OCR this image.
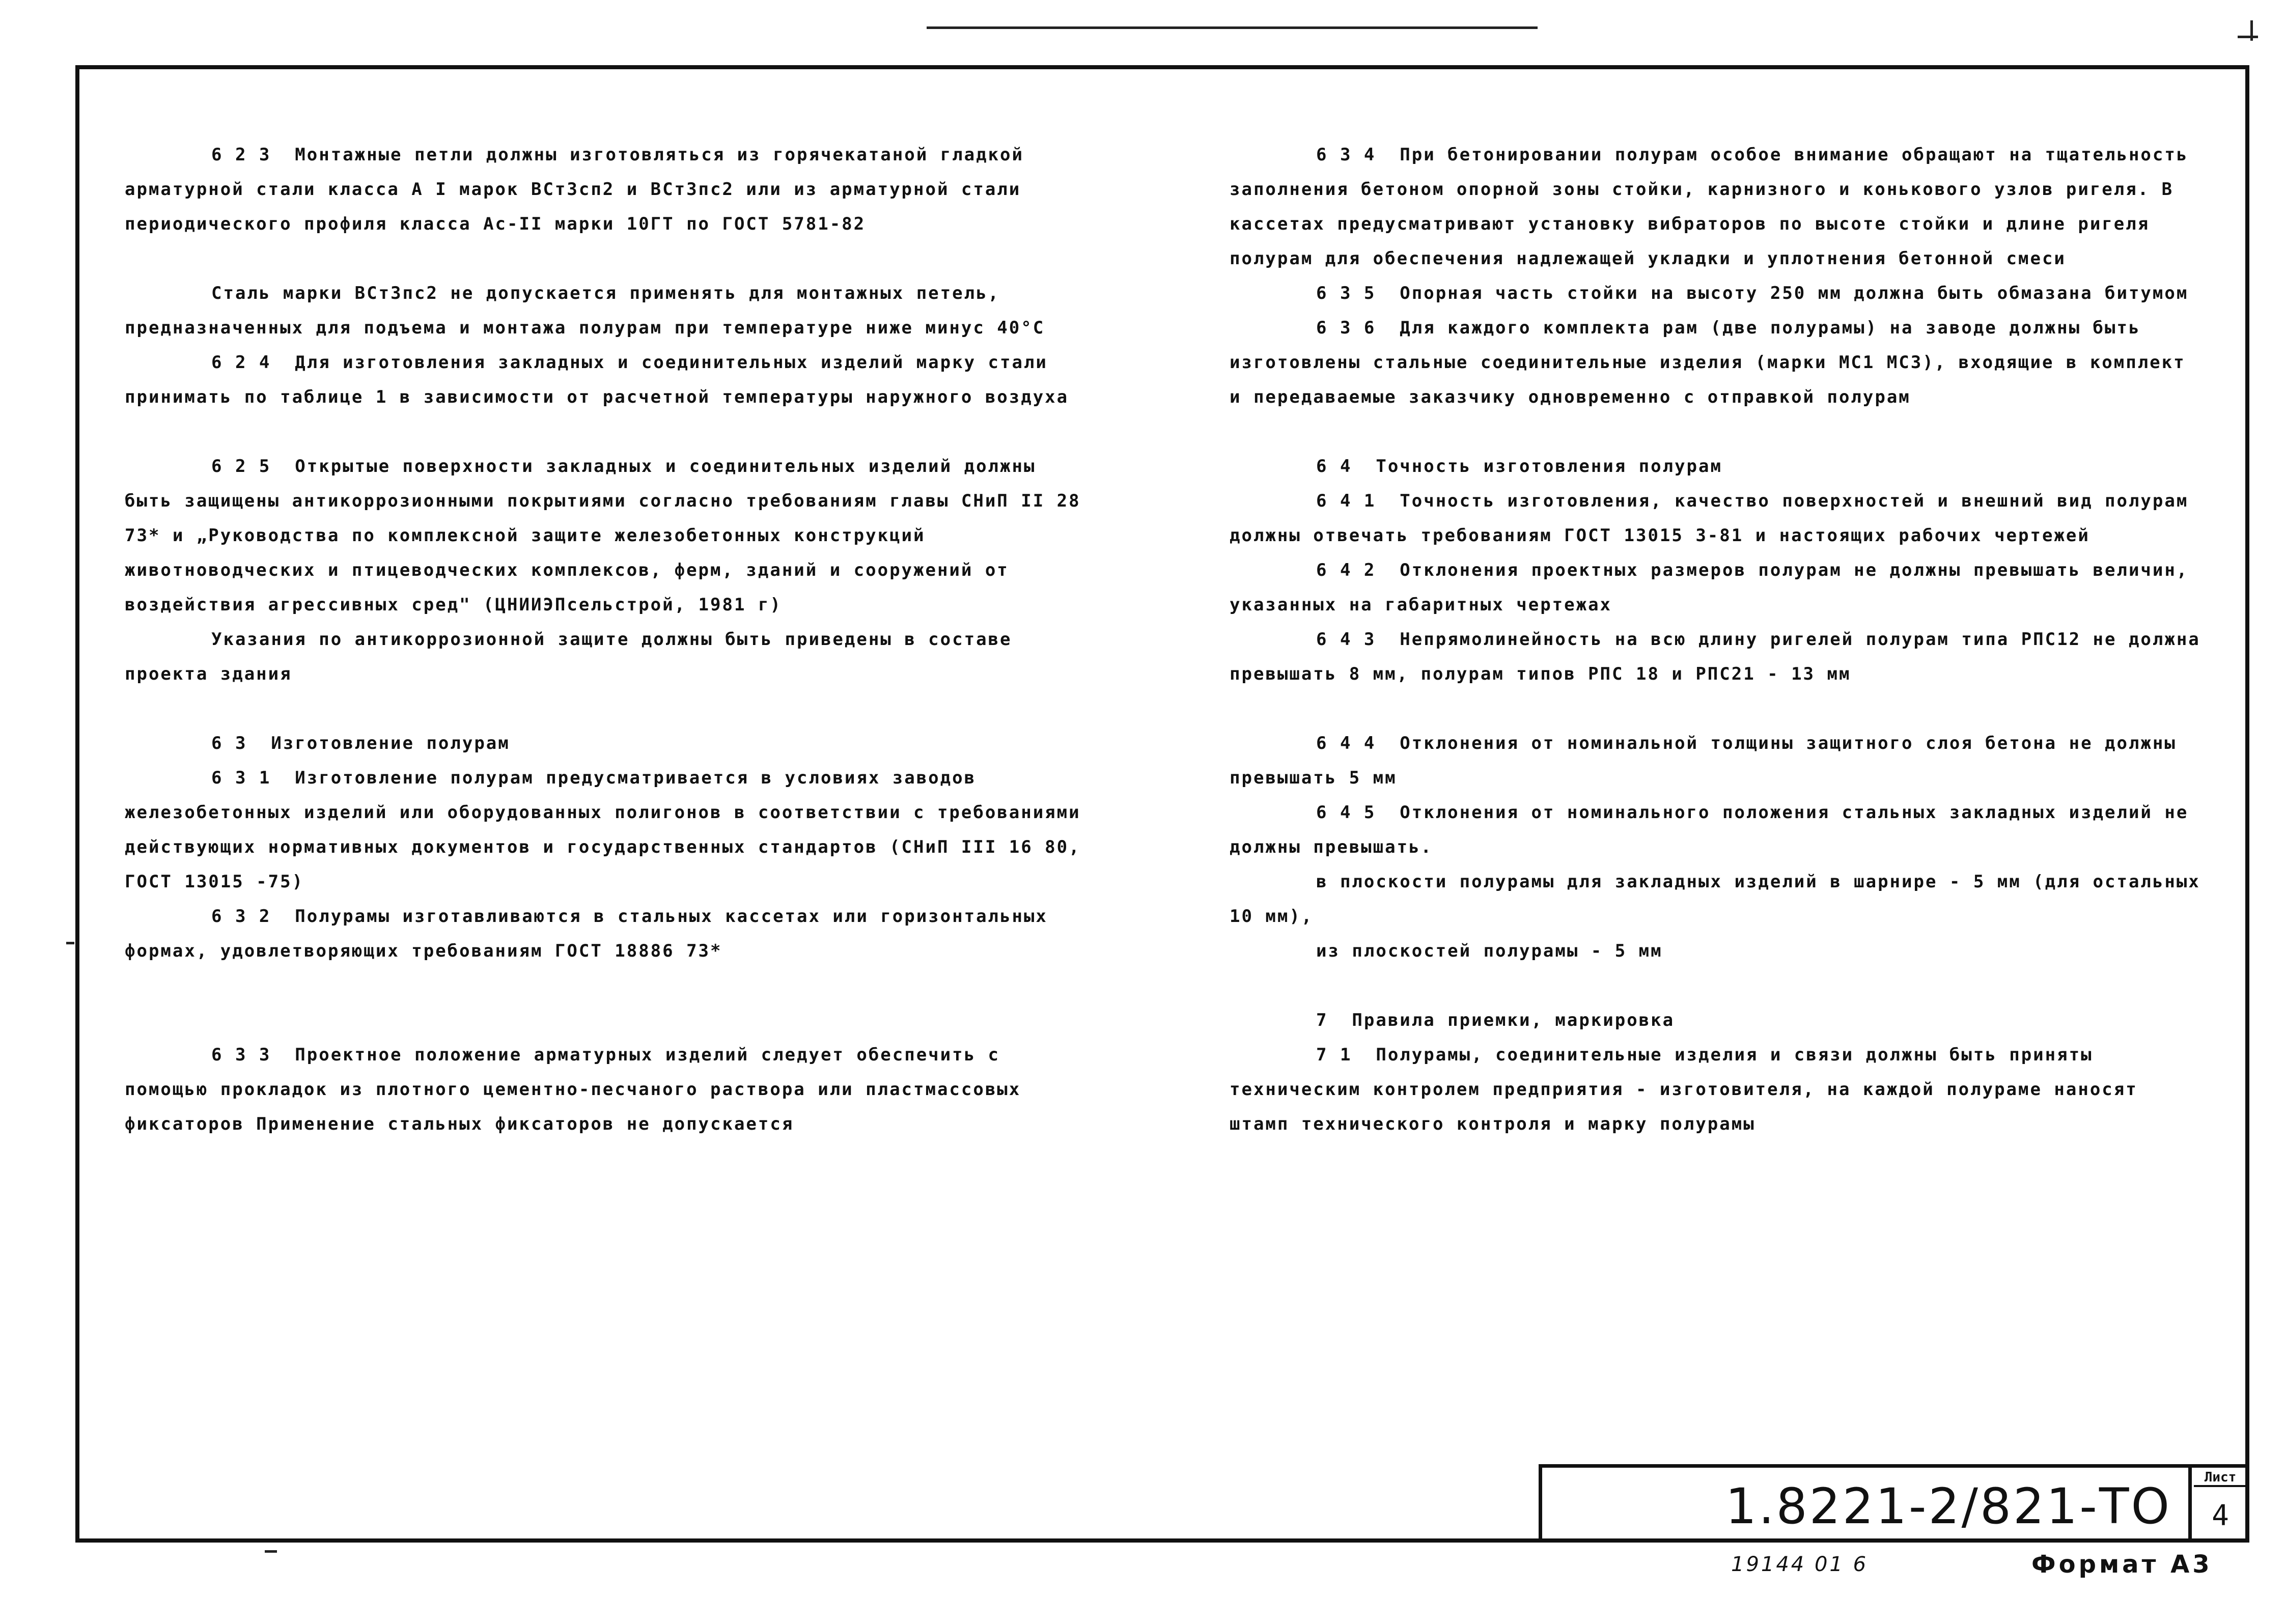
6 2 3  Монтажные петли должны изготовляться из горячекатаной гладкой арматурной стали класса А I марок ВСт3сп2 и ВСт3пс2 или из арматурной стали периодического профиля класса Ас-II марки 10ГТ по ГОСТ 5781-82

Сталь марки ВСт3пс2 не допускается применять для монтажных петель, предназначенных для подъема и монтажа полурам при температуре ниже минус 40°С

6 2 4  Для изготовления закладных и соединительных изделий марку стали принимать по таблице 1 в зависимости от расчетной температуры наружного воздуха

6 2 5  Открытые поверхности закладных и соединительных изделий должны быть защищены антикоррозионными покрытиями согласно требованиям главы СНиП II 28 73* и „Руководства по комплексной защите железобетонных конструкций животноводческих и птицеводческих комплексов, ферм, зданий и сооружений от воздействия агрессивных сред" (ЦНИИЭПсельстрой, 1981 г)

Указания по антикоррозионной защите должны быть приведены в составе проекта здания

6 3  Изготовление полурам

6 3 1  Изготовление полурам предусматривается в условиях заводов железобетонных изделий или оборудованных полигонов в соответствии с требованиями действующих нормативных документов и государственных стандартов (СНиП III 16 80, ГОСТ 13015 -75)

6 3 2  Полурамы изготавливаются в стальных кассетах или горизонтальных формах, удовлетворяющих требованиям ГОСТ 18886 73*

6 3 3  Проектное положение арматурных изделий следует обеспечить с помощью прокладок из плотного цементно-песчаного раствора или пластмассовых фиксаторов Применение стальных фиксаторов не допускается

6 3 4  При бетонировании полурам особое внимание обращают на тщательность заполнения бетоном опорной зоны стойки, карнизного и конькового узлов ригеля. В кассетах предусматривают установку вибраторов по высоте стойки и длине ригеля полурам для обеспечения надлежащей укладки и уплотнения бетонной смеси

6 3 5  Опорная часть стойки на высоту 250 мм должна быть обмазана битумом

6 3 6  Для каждого комплекта рам (две полурамы) на заводе должны быть изготовлены стальные соединительные изделия (марки МС1 МС3), входящие в комплект и передаваемые заказчику одновременно с отправкой полурам

6 4  Точность изготовления полурам

6 4 1  Точность изготовления, качество поверхностей и внешний вид полурам должны отвечать требованиям ГОСТ 13015 3-81 и настоящих рабочих чертежей

6 4 2  Отклонения проектных размеров полурам не должны превышать величин, указанных на габаритных чертежах

6 4 3  Непрямолинейность на всю длину ригелей полурам типа РПС12 не должна превышать 8 мм, полурам типов РПС 18 и РПС21 - 13 мм

6 4 4  Отклонения от номинальной толщины защитного слоя бетона не должны превышать 5 мм

6 4 5  Отклонения от номинального положения стальных закладных изделий не должны превышать.

в плоскости полурамы для закладных изделий в шарнире - 5 мм (для остальных 10 мм),

из плоскостей полурамы - 5 мм

7  Правила приемки, маркировка

7 1  Полурамы, соединительные изделия и связи должны быть приняты техническим контролем предприятия - изготовителя, на каждой полураме наносят штамп технического контроля и марку полурамы

1.8221-2/821-ТО
Лист
4
19144 01 6	Формат А3
